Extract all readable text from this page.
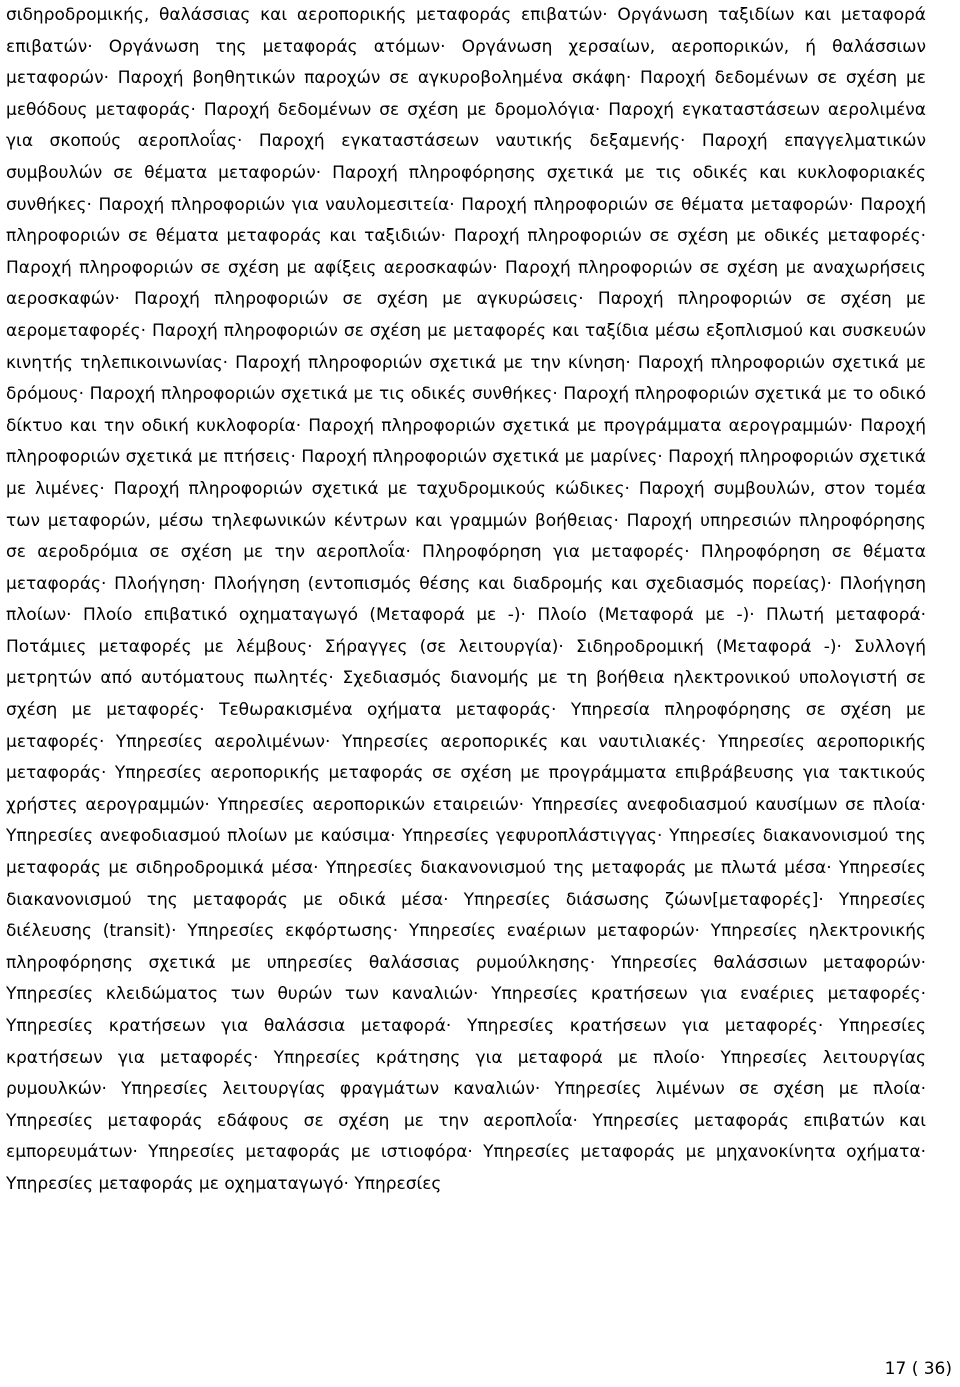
σιδηροδρομικής, θαλάσσιας και αεροπορικής μεταφοράς επιβατών· Οργάνωση ταξιδίων και μεταφορά επιβατών· Οργάνωση της μεταφοράς ατόμων· Οργάνωση χερσαίων, αεροπορικών, ή θαλάσσιων μεταφορών· Παροχή βοηθητικών παροχών σε αγκυροβολημένα σκάφη· Παροχή δεδομένων σε σχέση με μεθόδους μεταφοράς· Παροχή δεδομένων σε σχέση με δρομολόγια· Παροχή εγκαταστάσεων αερολιμένα για σκοπούς αεροπλοΐας· Παροχή εγκαταστάσεων ναυτικής δεξαμενής· Παροχή επαγγελματικών συμβουλών σε θέματα μεταφορών· Παροχή πληροφόρησης σχετικά με τις οδικές και κυκλοφοριακές συνθήκες· Παροχή πληροφοριών για ναυλομεσιτεία· Παροχή πληροφοριών σε θέματα μεταφορών· Παροχή πληροφοριών σε θέματα μεταφοράς και ταξιδιών· Παροχή πληροφοριών σε σχέση με οδικές μεταφορές· Παροχή πληροφοριών σε σχέση με αφίξεις αεροσκαφών· Παροχή πληροφοριών σε σχέση με αναχωρήσεις αεροσκαφών· Παροχή πληροφοριών σε σχέση με αγκυρώσεις· Παροχή πληροφοριών σε σχέση με αερομεταφορές· Παροχή πληροφοριών σε σχέση με μεταφορές και ταξίδια μέσω εξοπλισμού και συσκευών κινητής τηλεπικοινωνίας· Παροχή πληροφοριών σχετικά με την κίνηση· Παροχή πληροφοριών σχετικά με δρόμους· Παροχή πληροφοριών σχετικά με τις οδικές συνθήκες· Παροχή πληροφοριών σχετικά με το οδικό δίκτυο και την οδική κυκλοφορία· Παροχή πληροφοριών σχετικά με προγράμματα αερογραμμών· Παροχή πληροφοριών σχετικά με πτήσεις· Παροχή πληροφοριών σχετικά με μαρίνες· Παροχή πληροφοριών σχετικά με λιμένες· Παροχή πληροφοριών σχετικά με ταχυδρομικούς κώδικες· Παροχή συμβουλών, στον τομέα των μεταφορών, μέσω τηλεφωνικών κέντρων και γραμμών βοήθειας· Παροχή υπηρεσιών πληροφόρησης σε αεροδρόμια σε σχέση με την αεροπλοΐα· Πληροφόρηση για μεταφορές· Πληροφόρηση σε θέματα μεταφοράς· Πλοήγηση· Πλοήγηση (εντοπισμός θέσης και διαδρομής και σχεδιασμός πορείας)· Πλοήγηση πλοίων· Πλοίο επιβατικό οχηματαγωγό (Μεταφορά με -)· Πλοίο (Μεταφορά με -)· Πλωτή μεταφορά· Ποτάμιες μεταφορές με λέμβους· Σήραγγες (σε λειτουργία)· Σιδηροδρομική (Μεταφορά -)· Συλλογή μετρητών από αυτόματους πωλητές· Σχεδιασμός διανομής με τη βοήθεια ηλεκτρονικού υπολογιστή σε σχέση με μεταφορές· Τεθωρακισμένα οχήματα μεταφοράς· Υπηρεσία πληροφόρησης σε σχέση με μεταφορές· Υπηρεσίες αερολιμένων· Υπηρεσίες αεροπορικές και ναυτιλιακές· Υπηρεσίες αεροπορικής μεταφοράς· Υπηρεσίες αεροπορικής μεταφοράς σε σχέση με προγράμματα επιβράβευσης για τακτικούς χρήστες αερογραμμών· Υπηρεσίες αεροπορικών εταιρειών· Υπηρεσίες ανεφοδιασμού καυσίμων σε πλοία· Υπηρεσίες ανεφοδιασμού πλοίων με καύσιμα· Υπηρεσίες γεφυροπλάστιγγας· Υπηρεσίες διακανονισμού της μεταφοράς με σιδηροδρομικά μέσα· Υπηρεσίες διακανονισμού της μεταφοράς με πλωτά μέσα· Υπηρεσίες διακανονισμού της μεταφοράς με οδικά μέσα· Υπηρεσίες διάσωσης ζώων[μεταφορές]· Υπηρεσίες διέλευσης (transit)· Υπηρεσίες εκφόρτωσης· Υπηρεσίες εναέριων μεταφορών· Υπηρεσίες ηλεκτρονικής πληροφόρησης σχετικά με υπηρεσίες θαλάσσιας ρυμούλκησης· Υπηρεσίες θαλάσσιων μεταφορών· Υπηρεσίες κλειδώματος των θυρών των καναλιών· Υπηρεσίες κρατήσεων για εναέριες μεταφορές· Υπηρεσίες κρατήσεων για θαλάσσια μεταφορά· Υπηρεσίες κρατήσεων για μεταφορές· Υπηρεσίες κρατήσεων για μεταφορές· Υπηρεσίες κράτησης για μεταφορά με πλοίο· Υπηρεσίες λειτουργίας ρυμουλκών· Υπηρεσίες λειτουργίας φραγμάτων καναλιών· Υπηρεσίες λιμένων σε σχέση με πλοία· Υπηρεσίες μεταφοράς εδάφους σε σχέση με την αεροπλοΐα· Υπηρεσίες μεταφοράς επιβατών και εμπορευμάτων· Υπηρεσίες μεταφοράς με ιστιοφόρα· Υπηρεσίες μεταφοράς με μηχανοκίνητα οχήματα· Υπηρεσίες μεταφοράς με οχηματαγωγό· Υπηρεσίες

17 ( 36)
